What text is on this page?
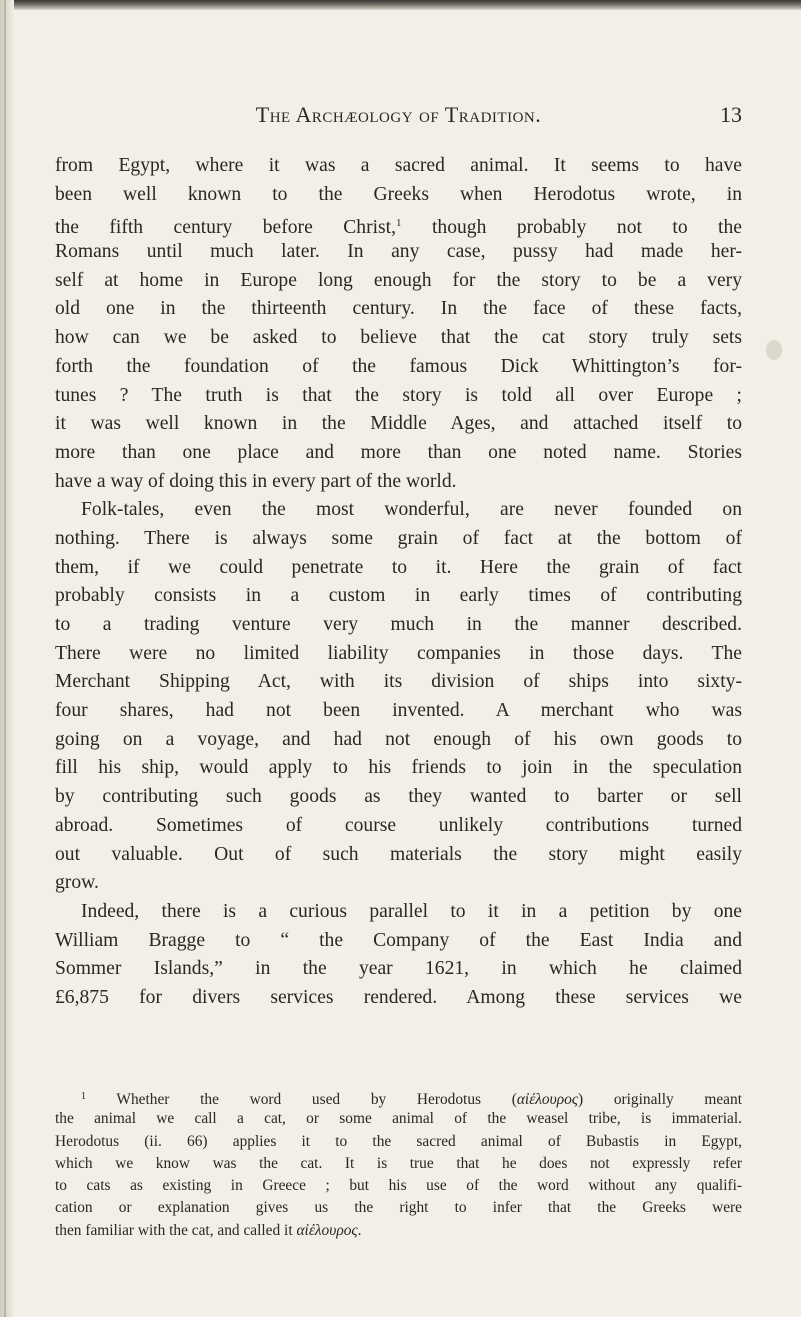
The Archæology of Tradition.	13
from Egypt, where it was a sacred animal. It seems to have
been well known to the Greeks when Herodotus wrote, in
the fifth century before Christ,$^1$ though probably not to the
Romans until much later. In any case, pussy had made her-
self at home in Europe long enough for the story to be a very
old one in the thirteenth century. In the face of these facts,
how can we be asked to believe that the cat story truly sets
forth the foundation of the famous Dick Whittington’s for-
tunes ? The truth is that the story is told all over Europe ;
it was well known in the Middle Ages, and attached itself to
more than one place and more than one noted name. Stories
have a way of doing this in every part of the world.
Folk-tales, even the most wonderful, are never founded on
nothing. There is always some grain of fact at the bottom of
them, if we could penetrate to it. Here the grain of fact
probably consists in a custom in early times of contributing
to a trading venture very much in the manner described.
There were no limited liability companies in those days. The
Merchant Shipping Act, with its division of ships into sixty-
four shares, had not been invented. A merchant who was
going on a voyage, and had not enough of his own goods to
fill his ship, would apply to his friends to join in the speculation
by contributing such goods as they wanted to barter or sell
abroad. Sometimes of course unlikely contributions turned
out valuable. Out of such materials the story might easily
grow.
Indeed, there is a curious parallel to it in a petition by one
William Bragge to “ the Company of the East India and
Sommer Islands,” in the year 1621, in which he claimed
£6,875 for divers services rendered. Among these services we
$^1$ Whether the word used by Herodotus (αἰέλουρος) originally meant
the animal we call a cat, or some animal of the weasel tribe, is immaterial.
Herodotus (ii. 66) applies it to the sacred animal of Bubastis in Egypt,
which we know was the cat. It is true that he does not expressly refer
to cats as existing in Greece ; but his use of the word without any qualifi-
cation or explanation gives us the right to infer that the Greeks were
then familiar with the cat, and called it αἰέλουρος.
